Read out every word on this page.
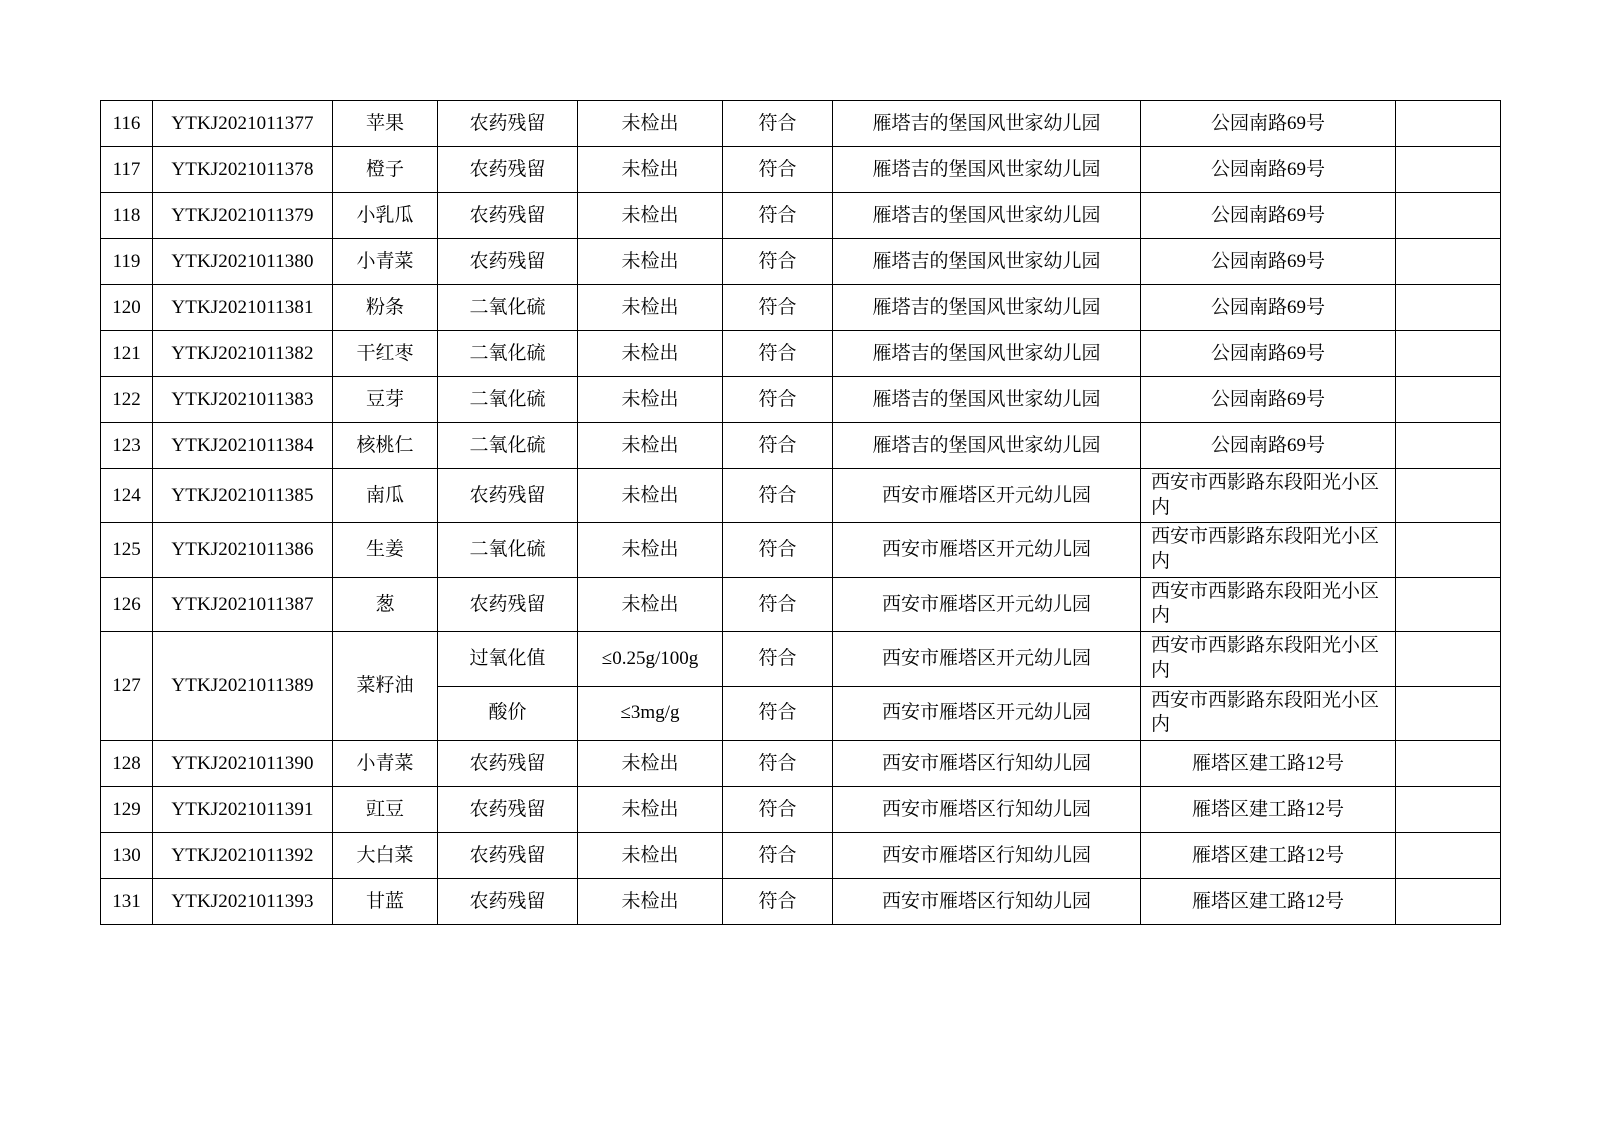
116	YTKJ2021011377	苹果	农药残留	未检出	符合	雁塔吉的堡国风世家幼儿园	公园南路69号	
117	YTKJ2021011378	橙子	农药残留	未检出	符合	雁塔吉的堡国风世家幼儿园	公园南路69号	
118	YTKJ2021011379	小乳瓜	农药残留	未检出	符合	雁塔吉的堡国风世家幼儿园	公园南路69号	
119	YTKJ2021011380	小青菜	农药残留	未检出	符合	雁塔吉的堡国风世家幼儿园	公园南路69号	
120	YTKJ2021011381	粉条	二氧化硫	未检出	符合	雁塔吉的堡国风世家幼儿园	公园南路69号	
121	YTKJ2021011382	干红枣	二氧化硫	未检出	符合	雁塔吉的堡国风世家幼儿园	公园南路69号	
122	YTKJ2021011383	豆芽	二氧化硫	未检出	符合	雁塔吉的堡国风世家幼儿园	公园南路69号	
123	YTKJ2021011384	核桃仁	二氧化硫	未检出	符合	雁塔吉的堡国风世家幼儿园	公园南路69号	
124	YTKJ2021011385	南瓜	农药残留	未检出	符合	西安市雁塔区开元幼儿园	西安市西影路东段阳光小区内	
125	YTKJ2021011386	生姜	二氧化硫	未检出	符合	西安市雁塔区开元幼儿园	西安市西影路东段阳光小区内	
126	YTKJ2021011387	葱	农药残留	未检出	符合	西安市雁塔区开元幼儿园	西安市西影路东段阳光小区内	
127	YTKJ2021011389	菜籽油	过氧化值	≤0.25g/100g	符合	西安市雁塔区开元幼儿园	西安市西影路东段阳光小区内	
			酸价	≤3mg/g	符合	西安市雁塔区开元幼儿园	西安市西影路东段阳光小区内	
128	YTKJ2021011390	小青菜	农药残留	未检出	符合	西安市雁塔区行知幼儿园	雁塔区建工路12号	
129	YTKJ2021011391	豇豆	农药残留	未检出	符合	西安市雁塔区行知幼儿园	雁塔区建工路12号	
130	YTKJ2021011392	大白菜	农药残留	未检出	符合	西安市雁塔区行知幼儿园	雁塔区建工路12号	
131	YTKJ2021011393	甘蓝	农药残留	未检出	符合	西安市雁塔区行知幼儿园	雁塔区建工路12号	
